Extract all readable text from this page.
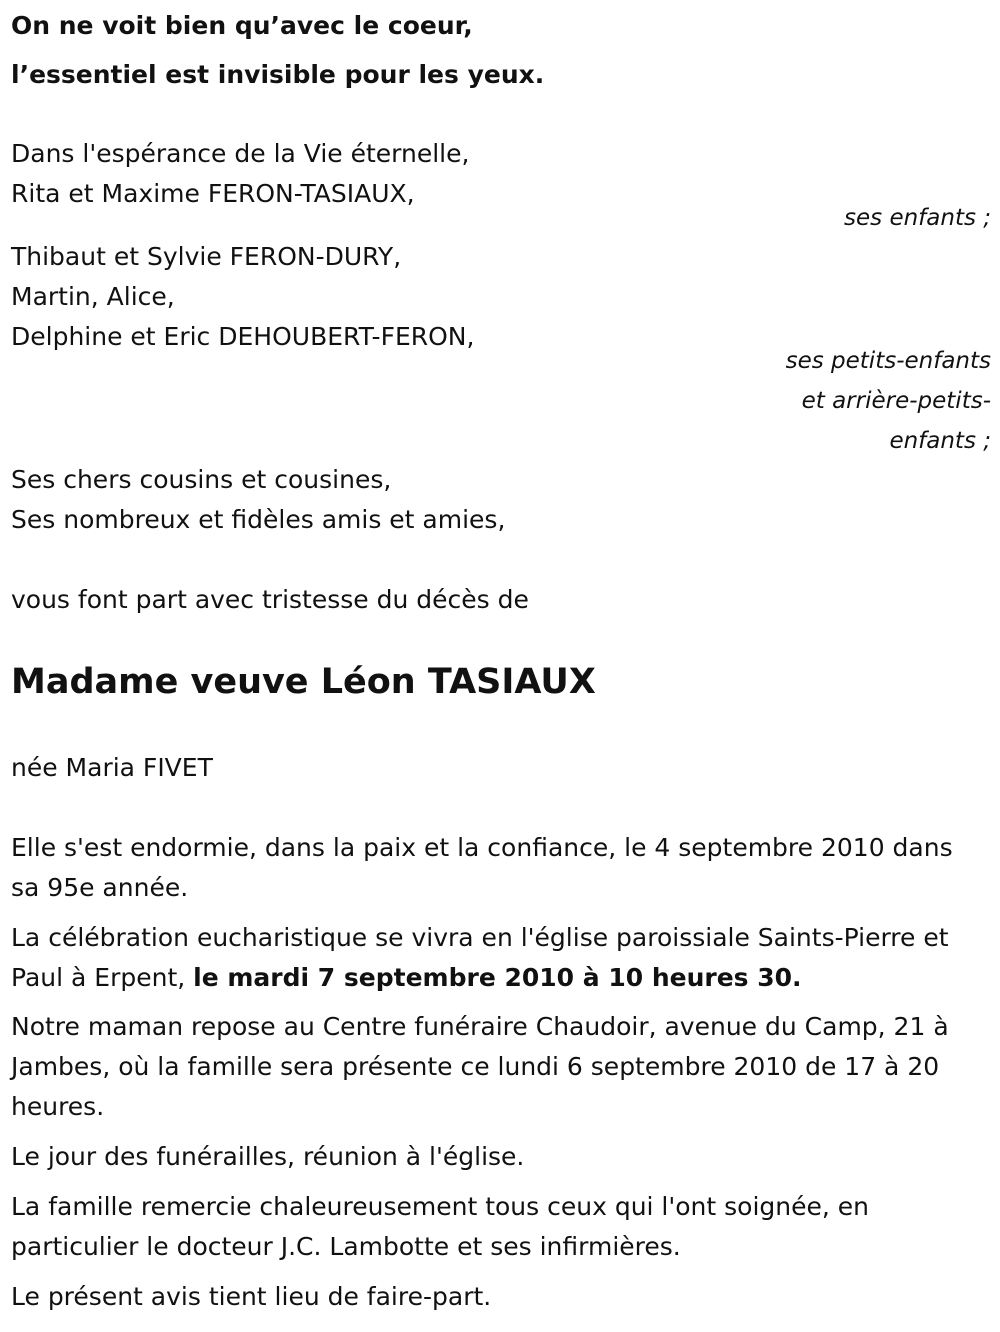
On ne voit bien qu’avec le coeur,
l’essentiel est invisible pour les yeux.
Dans l'espérance de la Vie éternelle,
Rita et Maxime FERON-TASIAUX,
ses enfants ;
Thibaut et Sylvie FERON-DURY,
Martin, Alice,
Delphine et Eric DEHOUBERT-FERON,
ses petits-enfants
et arrière-petits-
enfants ;
Ses chers cousins et cousines,
Ses nombreux et fidèles amis et amies,
vous font part avec tristesse du décès de
Madame veuve Léon TASIAUX
née Maria FIVET
Elle s'est endormie, dans la paix et la confiance, le 4 septembre 2010 dans sa 95e année.
La célébration eucharistique se vivra en l'église paroissiale Saints-Pierre et Paul à Erpent, le mardi 7 septembre 2010 à 10 heures 30.
Notre maman repose au Centre funéraire Chaudoir, avenue du Camp, 21 à Jambes, où la famille sera présente ce lundi 6 septembre 2010 de 17 à 20 heures.
Le jour des funérailles, réunion à l'église.
La famille remercie chaleureusement tous ceux qui l'ont soignée, en particulier le docteur J.C. Lambotte et ses infirmières.
Le présent avis tient lieu de faire-part.
